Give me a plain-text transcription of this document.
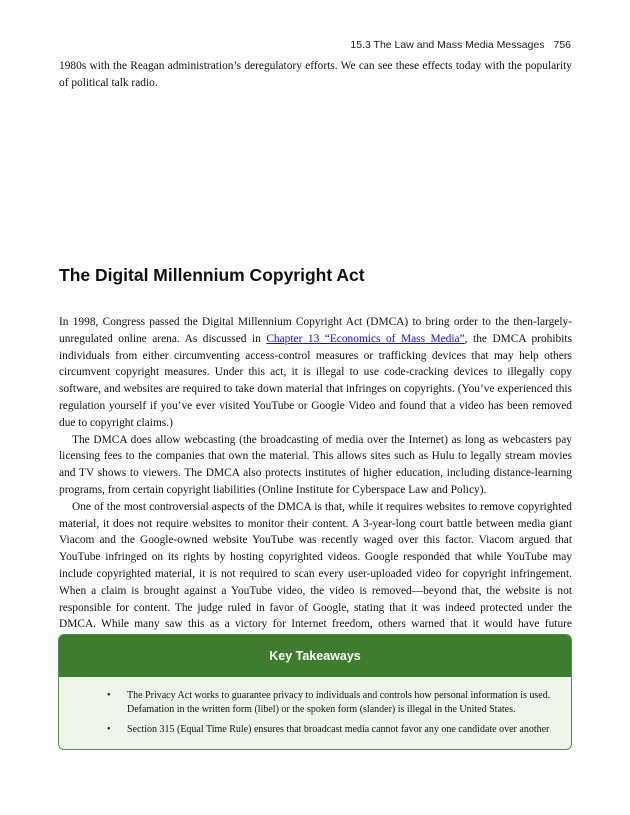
15.3 The Law and Mass Media Messages 756

1980s with the Reagan administration’s deregulatory efforts. We can see these effects today with the popularity of political talk radio.

The Digital Millennium Copyright Act

In 1998, Congress passed the Digital Millennium Copyright Act (DMCA) to bring order to the then-largely-unregulated online arena. As discussed in Chapter 13 “Economics of Mass Media”, the DMCA prohibits individuals from either circumventing access-control measures or trafficking devices that may help others circumvent copyright measures. Under this act, it is illegal to use code-cracking devices to illegally copy software, and websites are required to take down material that infringes on copyrights. (You’ve experienced this regulation yourself if you’ve ever visited YouTube or Google Video and found that a video has been removed due to copyright claims.)

The DMCA does allow webcasting (the broadcasting of media over the Internet) as long as webcasters pay licensing fees to the companies that own the material. This allows sites such as Hulu to legally stream movies and TV shows to viewers. The DMCA also protects institutes of higher education, including distance-learning programs, from certain copyright liabilities (Online Institute for Cyberspace Law and Policy).

One of the most controversial aspects of the DMCA is that, while it requires websites to remove copyrighted material, it does not require websites to monitor their content. A 3-year-long court battle between media giant Viacom and the Google-owned website YouTube was recently waged over this factor. Viacom argued that YouTube infringed on its rights by hosting copyrighted videos. Google responded that while YouTube may include copyrighted material, it is not required to scan every user-uploaded video for copyright infringement. When a claim is brought against a YouTube video, the video is removed—beyond that, the website is not responsible for content. The judge ruled in favor of Google, stating that it was indeed protected under the DMCA. While many saw this as a victory for Internet freedom, others warned that it would have future

Key Takeaways
• The Privacy Act works to guarantee privacy to individuals and controls how personal information is used. Defamation in the written form (libel) or the spoken form (slander) is illegal in the United States.
• Section 315 (Equal Time Rule) ensures that broadcast media cannot favor any one candidate over another
